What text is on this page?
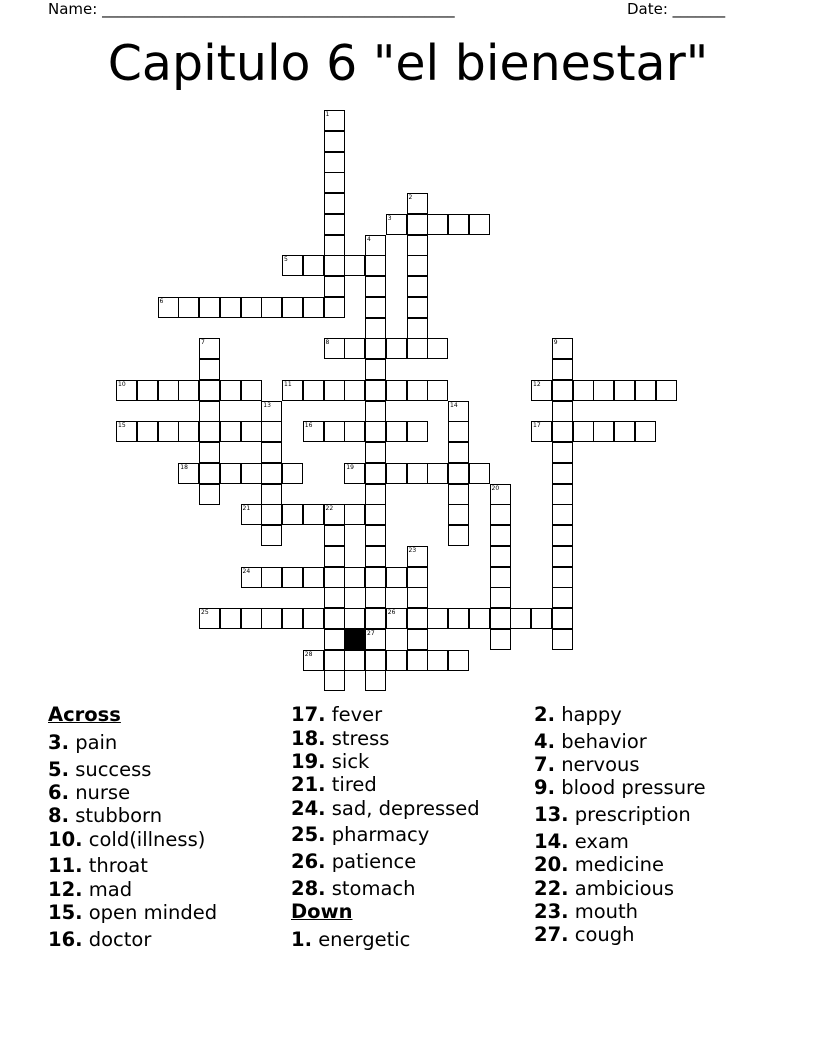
Name: _______________________________________________	Date: _______
Capitulo 6 "el bienestar"
3
5
6
8
10	11	12
15	16	17
18	19
21	22
24
25	26
28
1
2
4
27
7	9
13	14
20
23
Across
3. pain
5. success
6. nurse
8. stubborn
10. cold(illness)
11. throat
12. mad
15. open minded
16. doctor
17. fever
18. stress
19. sick
21. tired
24. sad, depressed
25. pharmacy
26. patience
28. stomach
Down
1. energetic
2. happy
4. behavior
7. nervous
9. blood pressure
13. prescription
14. exam
20. medicine
22. ambicious
23. mouth
27. cough
